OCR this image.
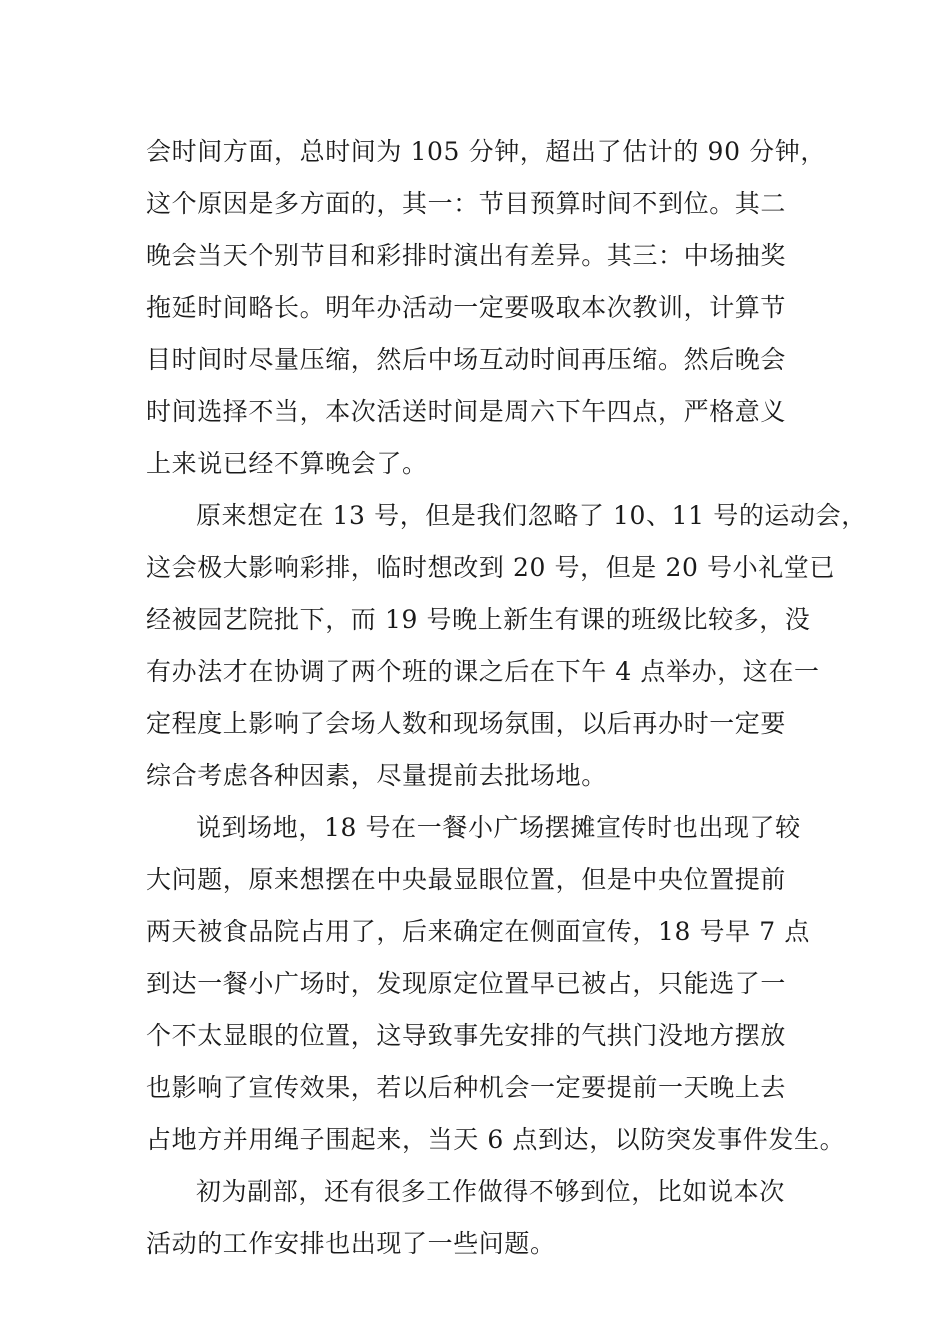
会时间方面，总时间为 105 分钟，超出了估计的 90 分钟，
这个原因是多方面的，其一：节目预算时间不到位。其二
晚会当天个别节目和彩排时演出有差异。其三：中场抽奖
拖延时间略长。明年办活动一定要吸取本次教训，计算节
目时间时尽量压缩，然后中场互动时间再压缩。然后晚会
时间选择不当，本次活送时间是周六下午四点，严格意义
上来说已经不算晚会了。
原来想定在 13 号，但是我们忽略了 10、11 号的运动会，
这会极大影响彩排，临时想改到 20 号，但是 20 号小礼堂已
经被园艺院批下，而 19 号晚上新生有课的班级比较多，没
有办法才在协调了两个班的课之后在下午 4 点举办，这在一
定程度上影响了会场人数和现场氛围，以后再办时一定要
综合考虑各种因素，尽量提前去批场地。
说到场地，18 号在一餐小广场摆摊宣传时也出现了较
大问题，原来想摆在中央最显眼位置，但是中央位置提前
两天被食品院占用了，后来确定在侧面宣传，18 号早 7 点
到达一餐小广场时，发现原定位置早已被占，只能选了一
个不太显眼的位置，这导致事先安排的气拱门没地方摆放
也影响了宣传效果，若以后种机会一定要提前一天晚上去
占地方并用绳子围起来，当天 6 点到达，以防突发事件发生。
初为副部，还有很多工作做得不够到位，比如说本次
活动的工作安排也出现了一些问题。
